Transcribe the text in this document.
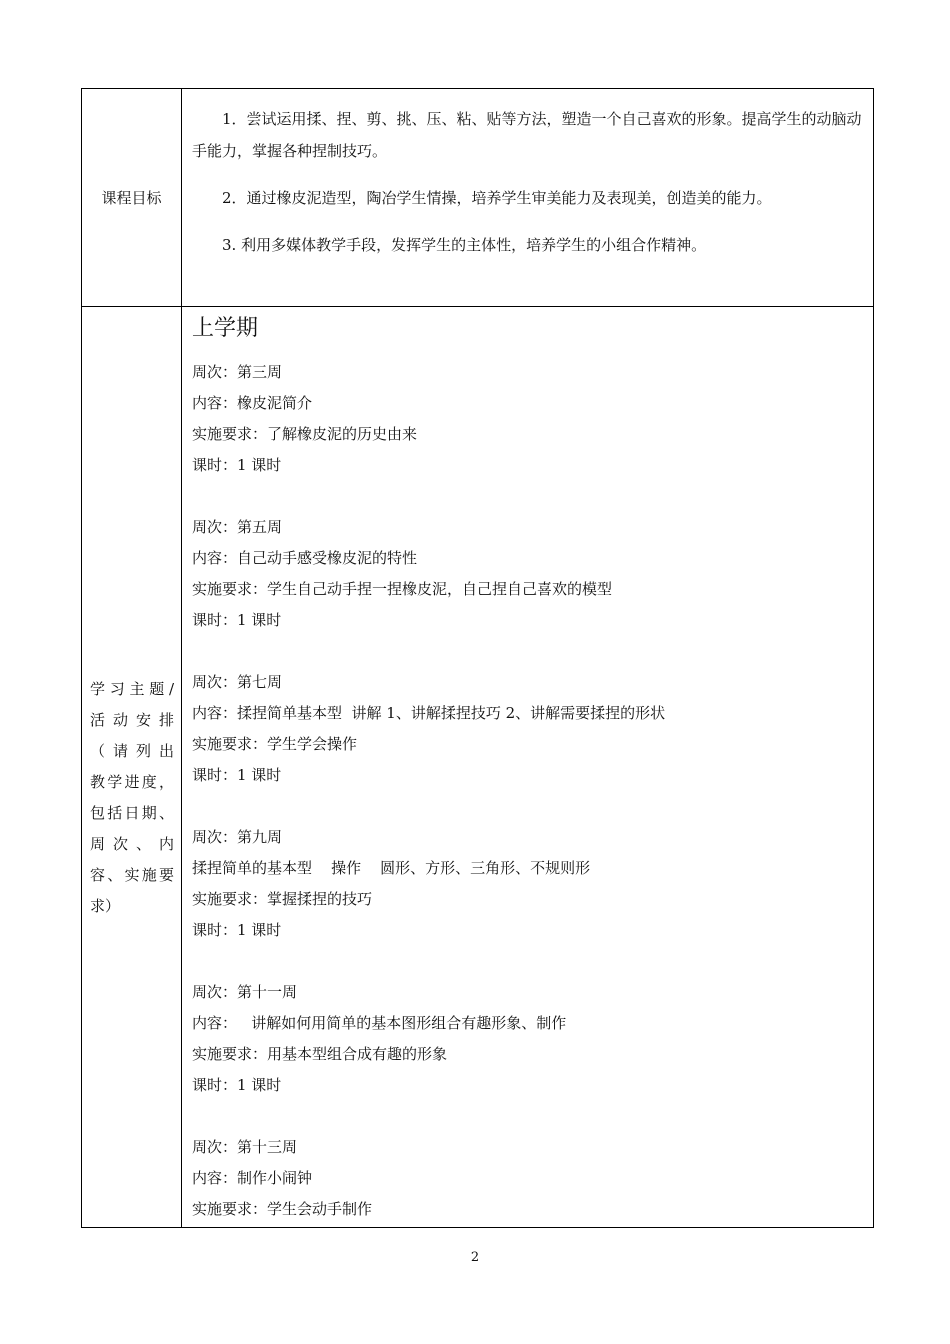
课程目标
1．尝试运用揉、捏、剪、挑、压、粘、贴等方法，塑造一个自己喜欢的形象。提高学生的动脑动手能力，掌握各种捏制技巧。
2．通过橡皮泥造型，陶冶学生情操，培养学生审美能力及表现美，创造美的能力。
3. 利用多媒体教学手段，发挥学生的主体性，培养学生的小组合作精神。
学习主题/
活动安排
（请列出
教学进度，
包括日期、
周次、内
容、实施要
求）
上学期
周次：第三周
内容：橡皮泥简介
实施要求：了解橡皮泥的历史由来
课时：1 课时
周次：第五周
内容：自己动手感受橡皮泥的特性
实施要求：学生自己动手捏一捏橡皮泥，自己捏自己喜欢的模型
课时：1 课时
周次：第七周
内容：揉捏简单基本型  讲解 1、讲解揉捏技巧 2、讲解需要揉捏的形状
实施要求：学生学会操作
课时：1 课时
周次：第九周
揉捏简单的基本型    操作    圆形、方形、三角形、不规则形
实施要求：掌握揉捏的技巧
课时：1 课时
周次：第十一周
内容：   讲解如何用简单的基本图形组合有趣形象、制作
实施要求：用基本型组合成有趣的形象
课时：1 课时
周次：第十三周
内容：制作小闹钟
实施要求：学生会动手制作
2
